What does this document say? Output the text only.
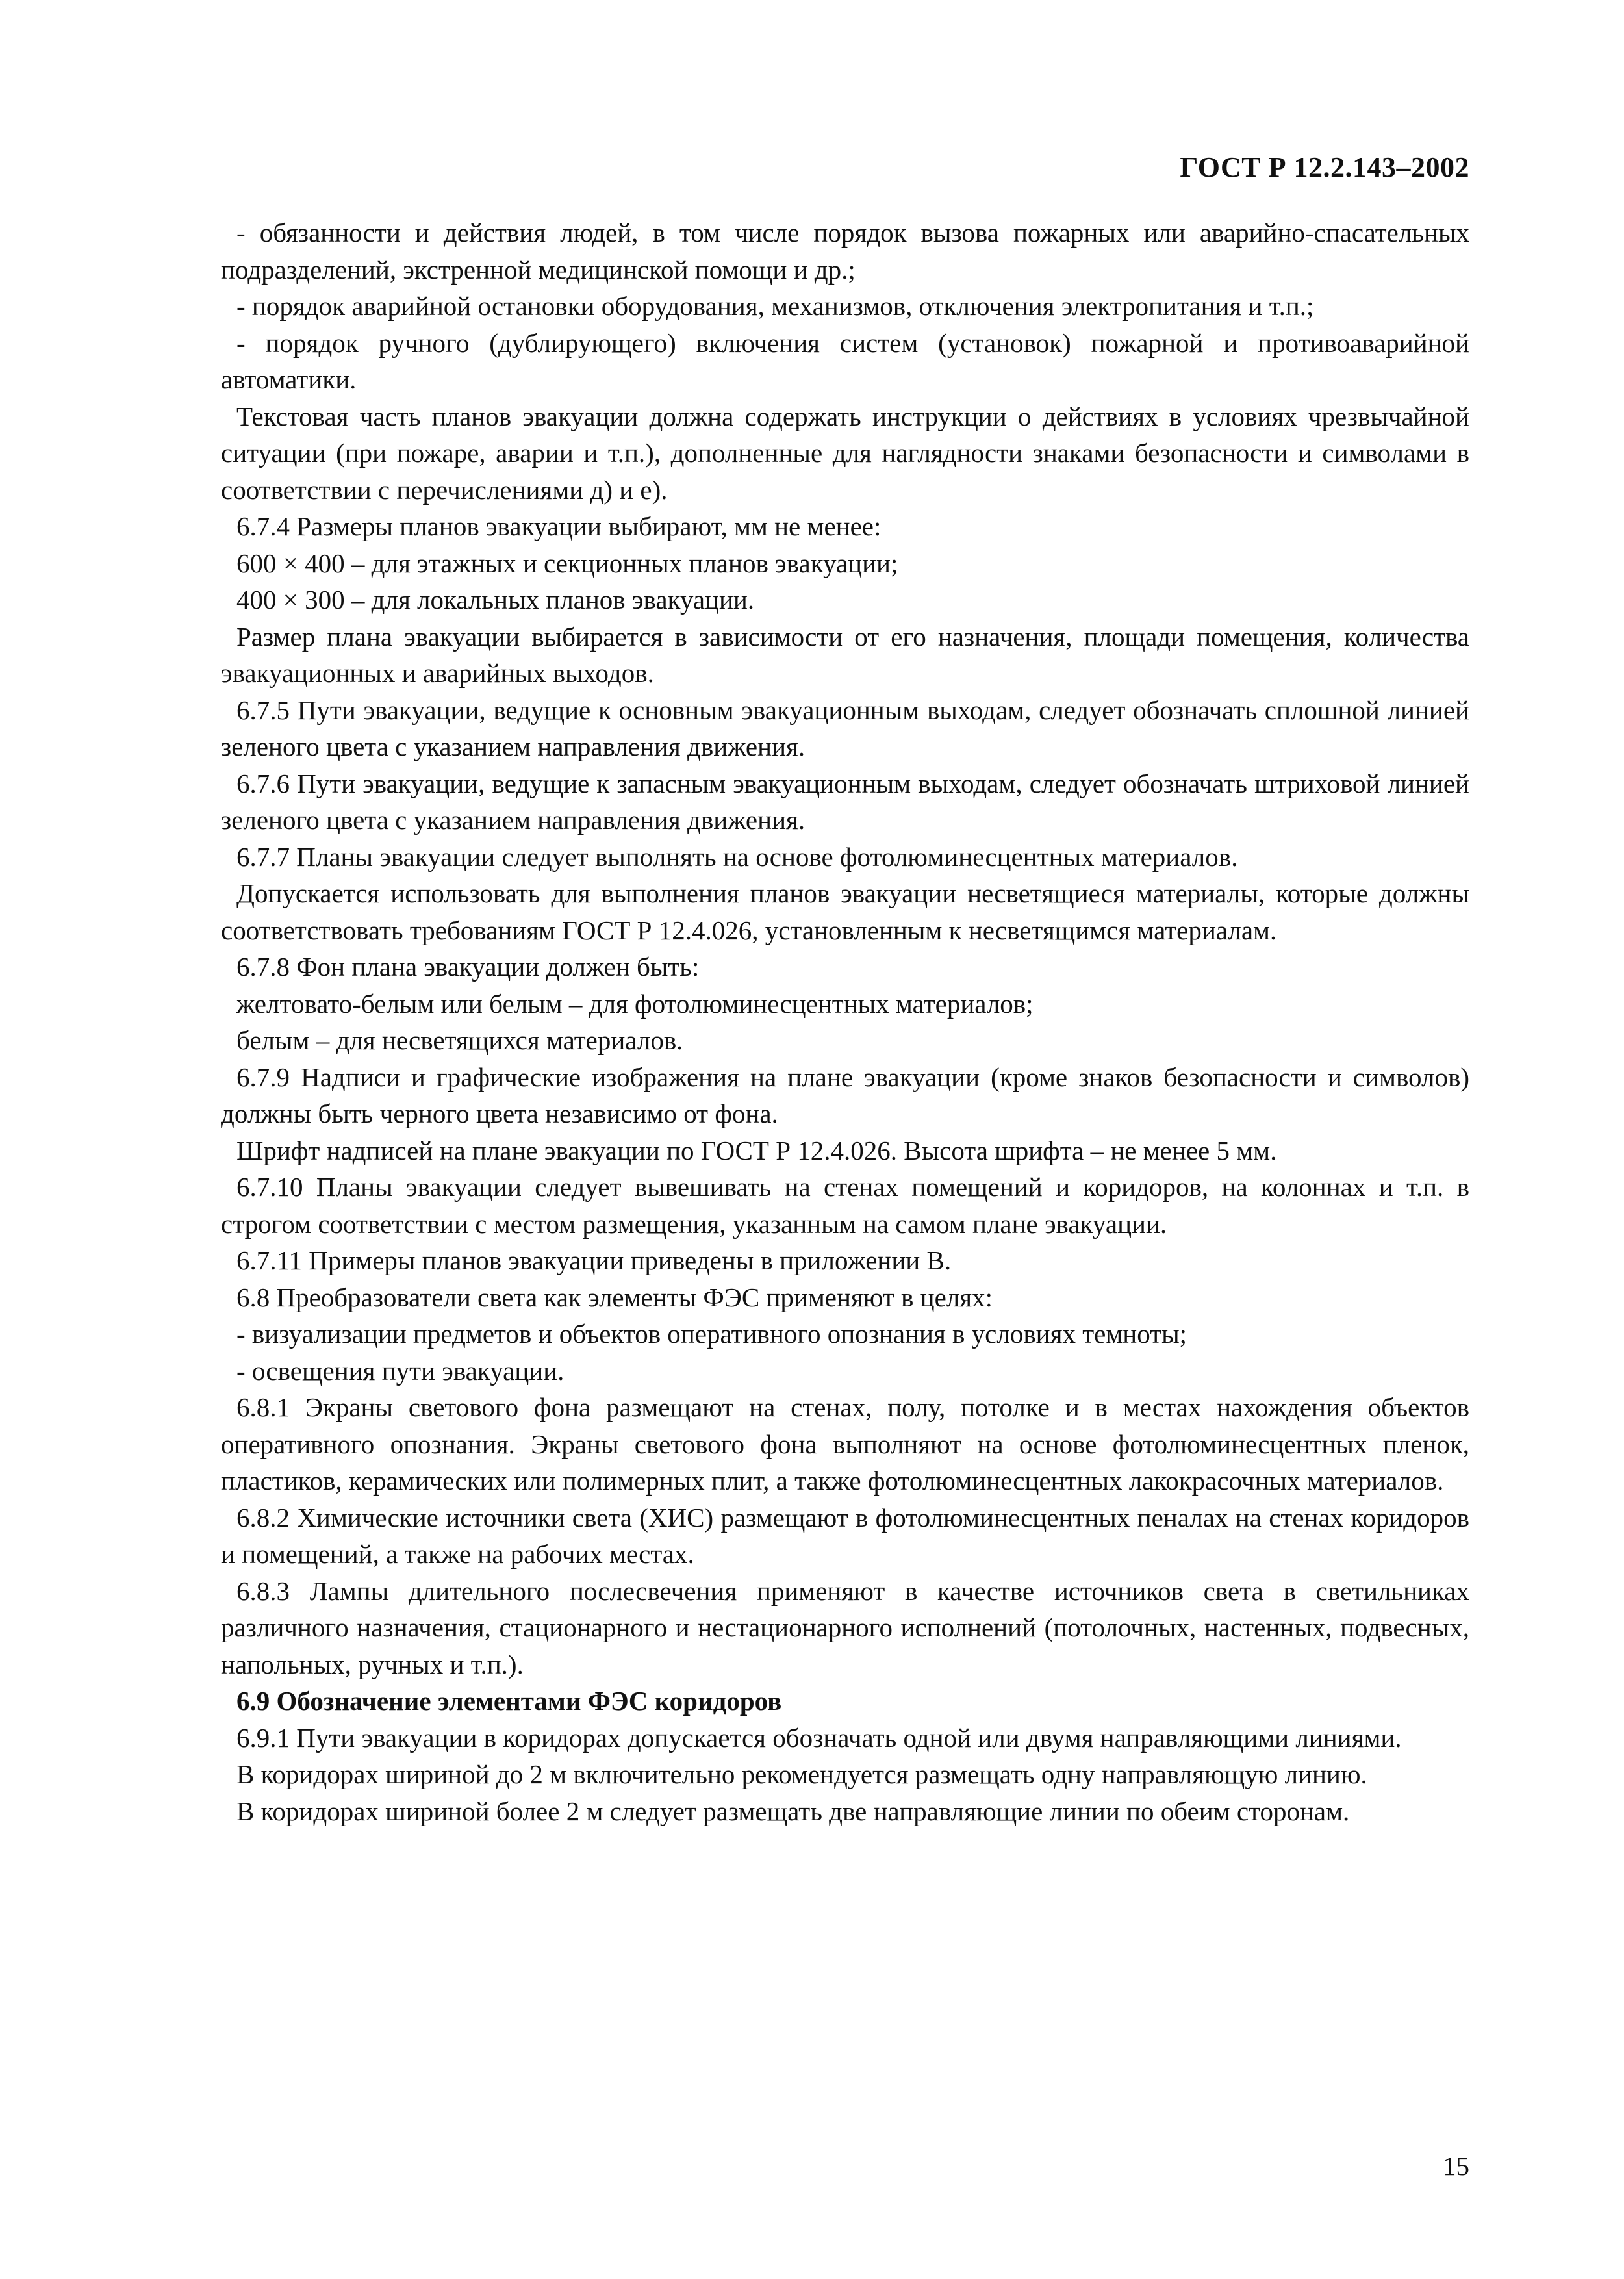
ГОСТ Р 12.2.143–2002

- обязанности и действия людей, в том числе порядок вызова пожарных или аварийно-спасательных подразделений, экстренной медицинской помощи и др.;

- порядок аварийной остановки оборудования, механизмов, отключения электропитания и т.п.;

- порядок ручного (дублирующего) включения систем (установок) пожарной и противоаварийной автоматики.

Текстовая часть планов эвакуации должна содержать инструкции о действиях в условиях чрезвычайной ситуации (при пожаре, аварии и т.п.), дополненные для наглядности знаками безопасности и символами в соответствии с перечислениями д) и е).

6.7.4 Размеры планов эвакуации выбирают, мм не менее:

600 × 400 – для этажных и секционных планов эвакуации;

400 × 300 – для локальных планов эвакуации.

Размер плана эвакуации выбирается в зависимости от его назначения, площади помещения, количества эвакуационных и аварийных выходов.

6.7.5 Пути эвакуации, ведущие к основным эвакуационным выходам, следует обозначать сплошной линией зеленого цвета с указанием направления движения.

6.7.6 Пути эвакуации, ведущие к запасным эвакуационным выходам, следует обозначать штриховой линией зеленого цвета с указанием направления движения.

6.7.7 Планы эвакуации следует выполнять на основе фотолюминесцентных материалов.

Допускается использовать для выполнения планов эвакуации несветящиеся материалы, которые должны соответствовать требованиям ГОСТ Р 12.4.026, установленным к несветящимся материалам.

6.7.8 Фон плана эвакуации должен быть:

желтовато-белым или белым – для фотолюминесцентных материалов;

белым – для несветящихся материалов.

6.7.9 Надписи и графические изображения на плане эвакуации (кроме знаков безопасности и символов) должны быть черного цвета независимо от фона.

Шрифт надписей на плане эвакуации по ГОСТ Р 12.4.026. Высота шрифта – не менее 5 мм.

6.7.10 Планы эвакуации следует вывешивать на стенах помещений и коридоров, на колоннах и т.п. в строгом соответствии с местом размещения, указанным на самом плане эвакуации.

6.7.11 Примеры планов эвакуации приведены в приложении В.

6.8 Преобразователи света как элементы ФЭС применяют в целях:

- визуализации предметов и объектов оперативного опознания в условиях темноты;

- освещения пути эвакуации.

6.8.1 Экраны светового фона размещают на стенах, полу, потолке и в местах нахождения объектов оперативного опознания. Экраны светового фона выполняют на основе фотолюминесцентных пленок, пластиков, керамических или полимерных плит, а также фотолюминесцентных лакокрасочных материалов.

6.8.2 Химические источники света (ХИС) размещают в фотолюминесцентных пеналах на стенах коридоров и помещений, а также на рабочих местах.

6.8.3 Лампы длительного послесвечения применяют в качестве источников света в светильниках различного назначения, стационарного и нестационарного исполнений (потолочных, настенных, подвесных, напольных, ручных и т.п.).

6.9 Обозначение элементами ФЭС коридоров

6.9.1 Пути эвакуации в коридорах допускается обозначать одной или двумя направляющими линиями.

В коридорах шириной до 2 м включительно рекомендуется размещать одну направляющую линию.

В коридорах шириной более 2 м следует размещать две направляющие линии по обеим сторонам.

15
